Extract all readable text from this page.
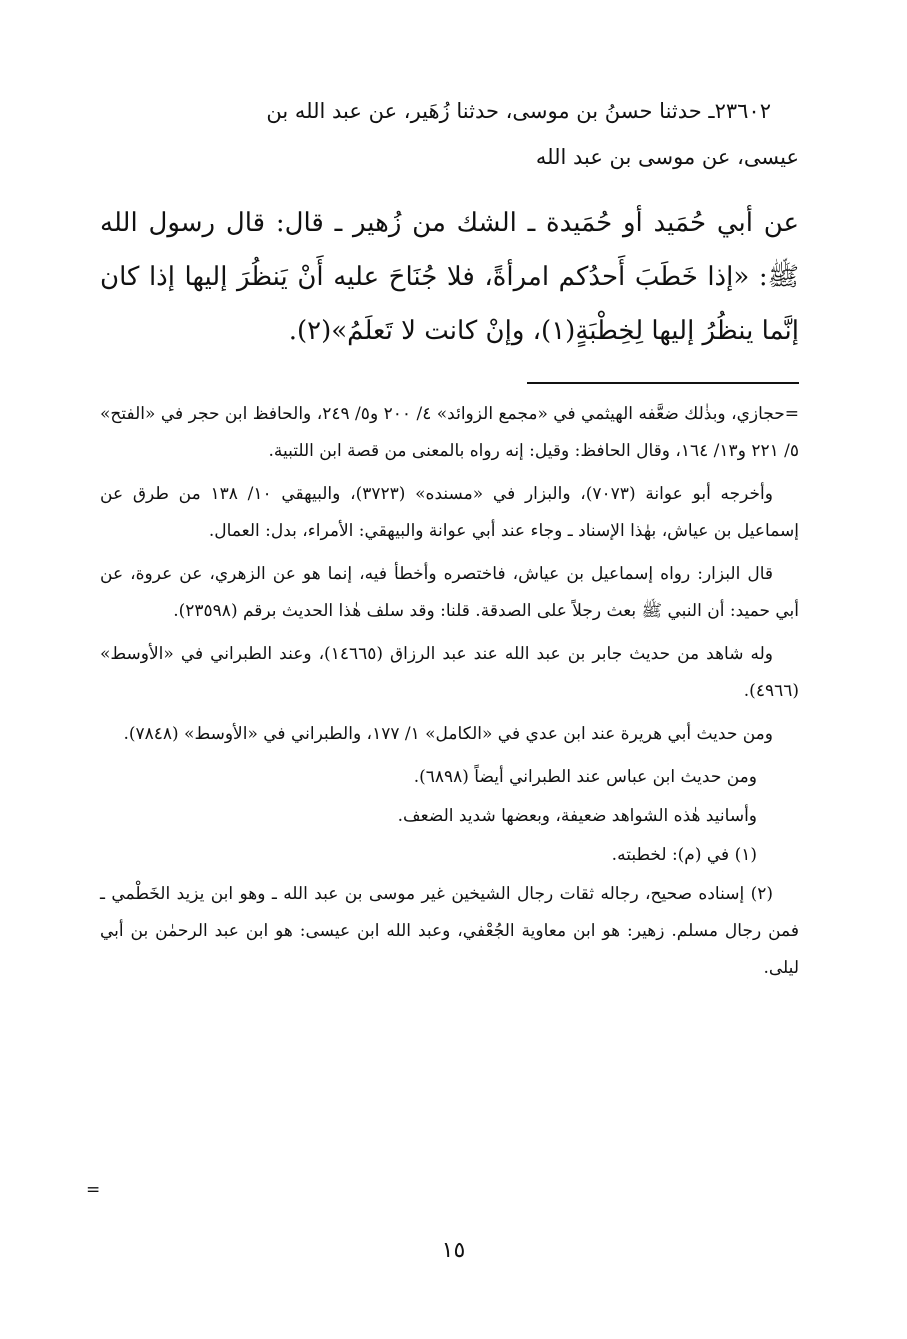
٢٣٦٠٢ـ حدثنا حسنُ بن موسى، حدثنا زُهَير، عن عبد الله بن

عيسى، عن موسى بن عبد الله

عن أبي حُمَيد أو حُمَيدة ـ الشك من زُهير ـ قال: قال رسول الله ﷺ: «إذا خَطَبَ أَحدُكم امرأةً، فلا جُنَاحَ عليه أَنْ يَنظُرَ إليها إذا كان إنَّما ينظُرُ إليها لِخِطْبَةٍ(١)، وإنْ كانت لا تَعلَمُ»(٢).

=حجازي، وبذٰلك ضعَّفه الهيثمي في «مجمع الزوائد» ٤/ ٢٠٠ و٥/ ٢٤٩، والحافظ ابن حجر في «الفتح» ٥/ ٢٢١ و١٣/ ١٦٤، وقال الحافظ: وقيل: إنه رواه بالمعنى من قصة ابن اللتبية.

وأخرجه أبو عوانة (٧٠٧٣)، والبزار في «مسنده» (٣٧٢٣)، والبيهقي ١٠/ ١٣٨ من طرق عن إسماعيل بن عياش، بهٰذا الإسناد ـ وجاء عند أبي عوانة والبيهقي: الأمراء، بدل: العمال.

قال البزار: رواه إسماعيل بن عياش، فاختصره وأخطأ فيه، إنما هو عن الزهري، عن عروة، عن أبي حميد: أن النبي ﷺ بعث رجلاً على الصدقة. قلنا: وقد سلف هٰذا الحديث برقم (٢٣٥٩٨).

وله شاهد من حديث جابر بن عبد الله عند عبد الرزاق (١٤٦٦٥)، وعند الطبراني في «الأوسط» (٤٩٦٦).

ومن حديث أبي هريرة عند ابن عدي في «الكامل» ١/ ١٧٧، والطبراني في «الأوسط» (٧٨٤٨).

ومن حديث ابن عباس عند الطبراني أيضاً (٦٨٩٨).

وأسانيد هٰذه الشواهد ضعيفة، وبعضها شديد الضعف.

(١) في (م): لخطبته.

(٢) إسناده صحيح، رجاله ثقات رجال الشيخين غير موسى بن عبد الله ـ وهو ابن يزيد الخَطْمي ـ فمن رجال مسلم. زهير: هو ابن معاوية الجُعْفي، وعبد الله ابن عيسى: هو ابن عبد الرحمٰن بن أبي ليلى.

=
١٥
